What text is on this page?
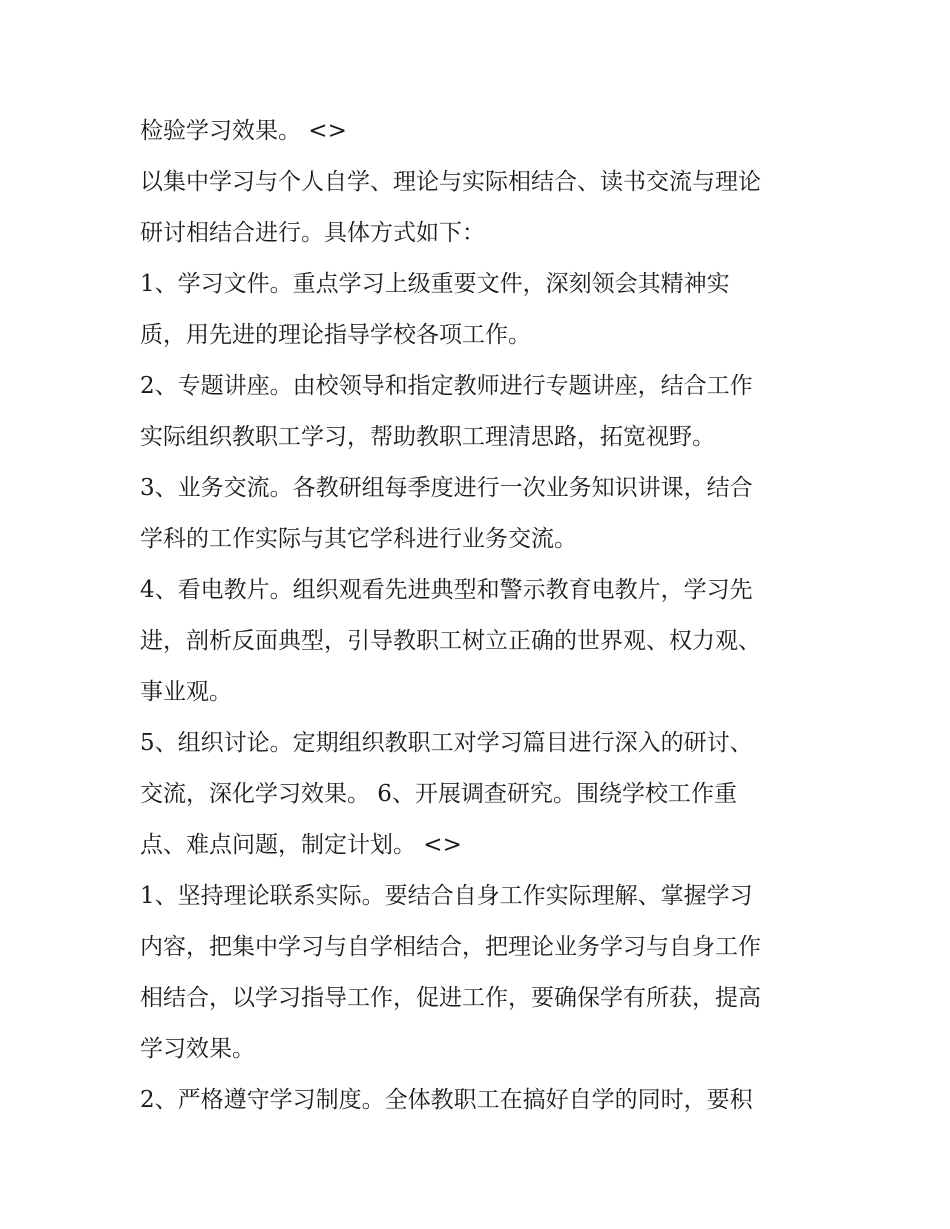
检验学习效果。 <>
以集中学习与个人自学、理论与实际相结合、读书交流与理论
研讨相结合进行。具体方式如下：
1、学习文件。重点学习上级重要文件，深刻领会其精神实
质，用先进的理论指导学校各项工作。
2、专题讲座。由校领导和指定教师进行专题讲座，结合工作
实际组织教职工学习，帮助教职工理清思路，拓宽视野。
3、业务交流。各教研组每季度进行一次业务知识讲课，结合
学科的工作实际与其它学科进行业务交流。
4、看电教片。组织观看先进典型和警示教育电教片，学习先
进，剖析反面典型，引导教职工树立正确的世界观、权力观、
事业观。
5、组织讨论。定期组织教职工对学习篇目进行深入的研讨、
交流，深化学习效果。 6、开展调查研究。围绕学校工作重
点、难点问题，制定计划。 <>
1、坚持理论联系实际。要结合自身工作实际理解、掌握学习
内容，把集中学习与自学相结合，把理论业务学习与自身工作
相结合，以学习指导工作，促进工作，要确保学有所获，提高
学习效果。
2、严格遵守学习制度。全体教职工在搞好自学的同时，要积
